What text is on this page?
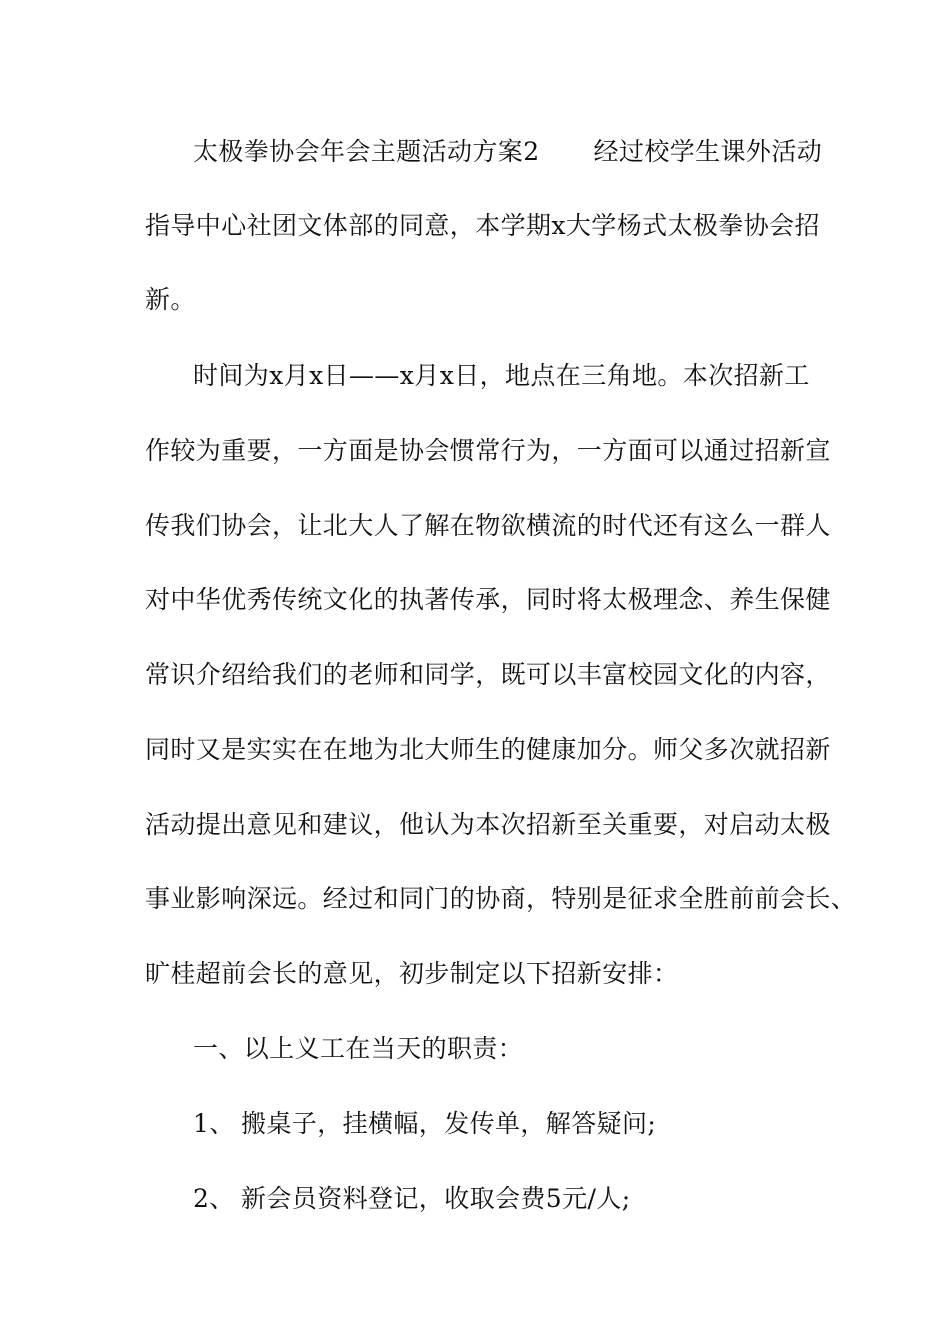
太极拳协会年会主题活动方案2 经过校学生课外活动
指导中心社团文体部的同意，本学期x大学杨式太极拳协会招
新。
时间为x月x日——x月x日，地点在三角地。本次招新工
作较为重要，一方面是协会惯常行为，一方面可以通过招新宣
传我们协会，让北大人了解在物欲横流的时代还有这么一群人
对中华优秀传统文化的执著传承，同时将太极理念、养生保健
常识介绍给我们的老师和同学，既可以丰富校园文化的内容，
同时又是实实在在地为北大师生的健康加分。师父多次就招新
活动提出意见和建议，他认为本次招新至关重要，对启动太极
事业影响深远。经过和同门的协商，特别是征求全胜前前会长、
旷桂超前会长的意见，初步制定以下招新安排：
一、以上义工在当天的职责：
1、 搬桌子，挂横幅，发传单，解答疑问;
2、 新会员资料登记，收取会费5元/人;
